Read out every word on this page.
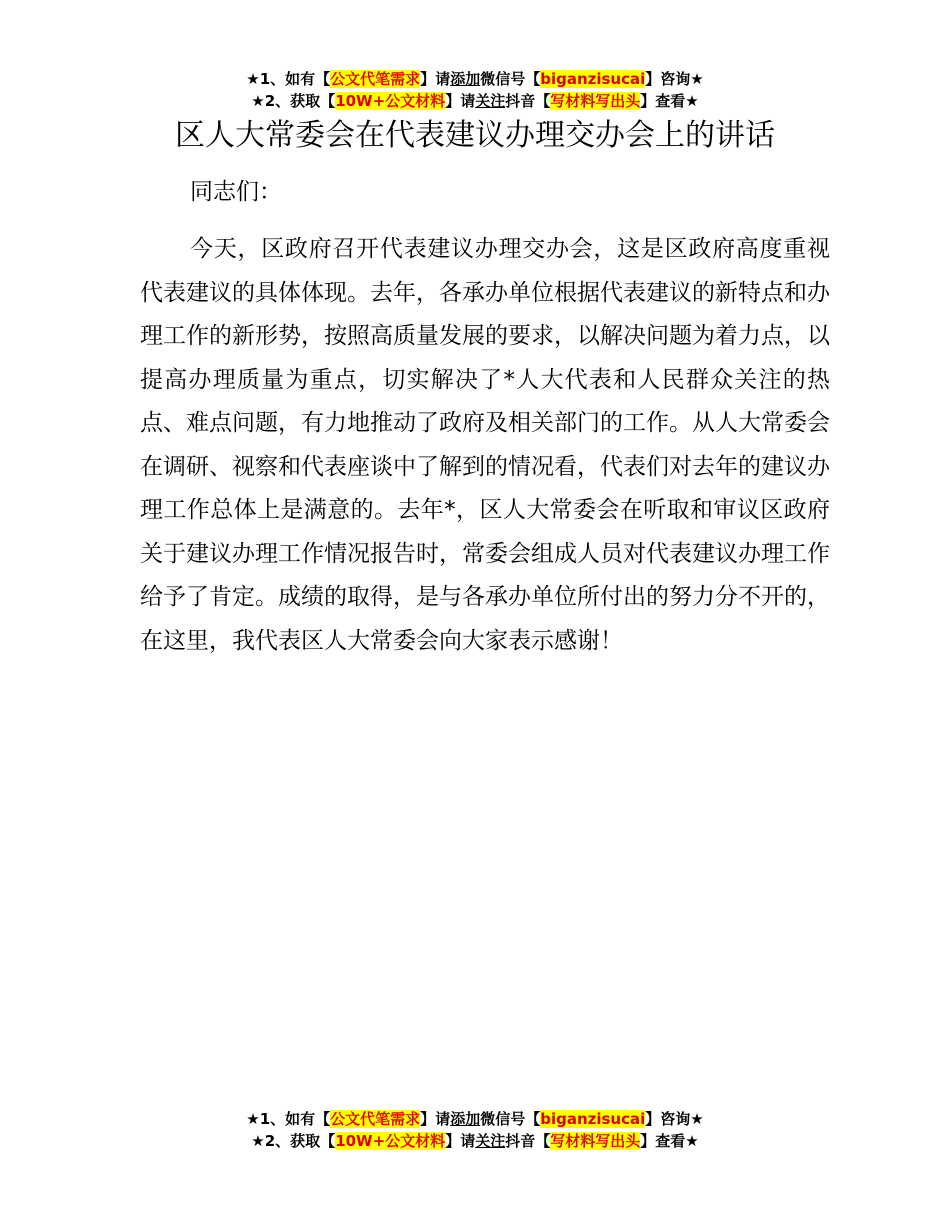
★1、如有【公文代笔需求】请添加微信号【biganzisucai】咨询★
★2、获取【10W+公文材料】请关注抖音【写材料写出头】查看★
区人大常委会在代表建议办理交办会上的讲话
同志们：
今天，区政府召开代表建议办理交办会，这是区政府高度重视代表建议的具体体现。去年，各承办单位根据代表建议的新特点和办理工作的新形势，按照高质量发展的要求，以解决问题为着力点，以提高办理质量为重点，切实解决了*人大代表和人民群众关注的热点、难点问题，有力地推动了政府及相关部门的工作。从人大常委会在调研、视察和代表座谈中了解到的情况看，代表们对去年的建议办理工作总体上是满意的。去年*，区人大常委会在听取和审议区政府关于建议办理工作情况报告时，常委会组成人员对代表建议办理工作给予了肯定。成绩的取得，是与各承办单位所付出的努力分不开的，在这里，我代表区人大常委会向大家表示感谢！
★1、如有【公文代笔需求】请添加微信号【biganzisucai】咨询★
★2、获取【10W+公文材料】请关注抖音【写材料写出头】查看★
